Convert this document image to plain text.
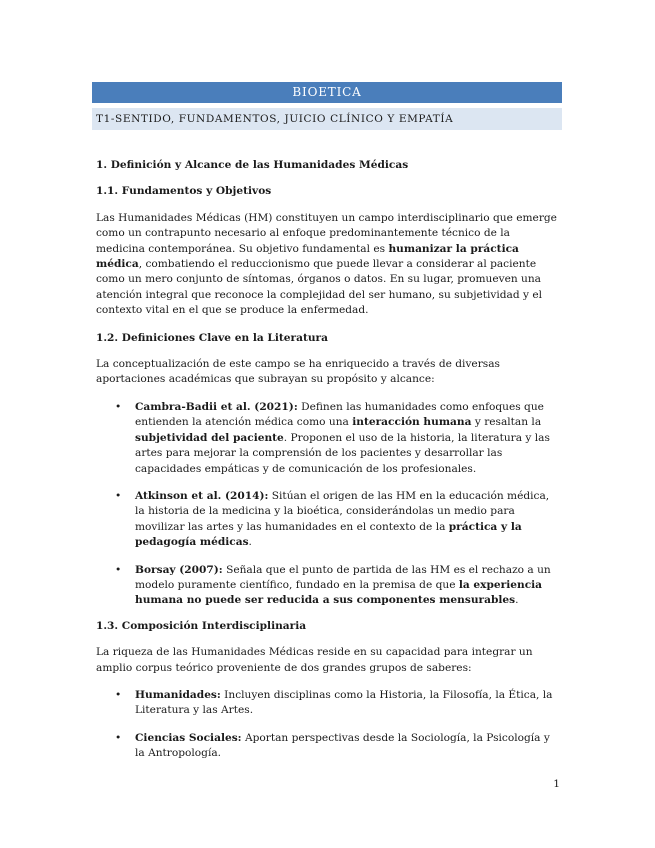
BIOETICA
T1-SENTIDO, FUNDAMENTOS, JUICIO CLÍNICO Y EMPATÍA

1. Definición y Alcance de las Humanidades Médicas

1.1. Fundamentos y Objetivos

Las Humanidades Médicas (HM) constituyen un campo interdisciplinario que emerge como un contrapunto necesario al enfoque predominantemente técnico de la medicina contemporánea. Su objetivo fundamental es humanizar la práctica médica, combatiendo el reduccionismo que puede llevar a considerar al paciente como un mero conjunto de síntomas, órganos o datos. En su lugar, promueven una atención integral que reconoce la complejidad del ser humano, su subjetividad y el contexto vital en el que se produce la enfermedad.

1.2. Definiciones Clave en la Literatura

La conceptualización de este campo se ha enriquecido a través de diversas aportaciones académicas que subrayan su propósito y alcance:

• Cambra-Badii et al. (2021): Definen las humanidades como enfoques que entienden la atención médica como una interacción humana y resaltan la subjetividad del paciente. Proponen el uso de la historia, la literatura y las artes para mejorar la comprensión de los pacientes y desarrollar las capacidades empáticas y de comunicación de los profesionales.
• Atkinson et al. (2014): Sitúan el origen de las HM en la educación médica, la historia de la medicina y la bioética, considerándolas un medio para movilizar las artes y las humanidades en el contexto de la práctica y la pedagogía médicas.
• Borsay (2007): Señala que el punto de partida de las HM es el rechazo a un modelo puramente científico, fundado en la premisa de que la experiencia humana no puede ser reducida a sus componentes mensurables.

1.3. Composición Interdisciplinaria

La riqueza de las Humanidades Médicas reside en su capacidad para integrar un amplio corpus teórico proveniente de dos grandes grupos de saberes:

• Humanidades: Incluyen disciplinas como la Historia, la Filosofía, la Ética, la Literatura y las Artes.
• Ciencias Sociales: Aportan perspectivas desde la Sociología, la Psicología y la Antropología.
1
